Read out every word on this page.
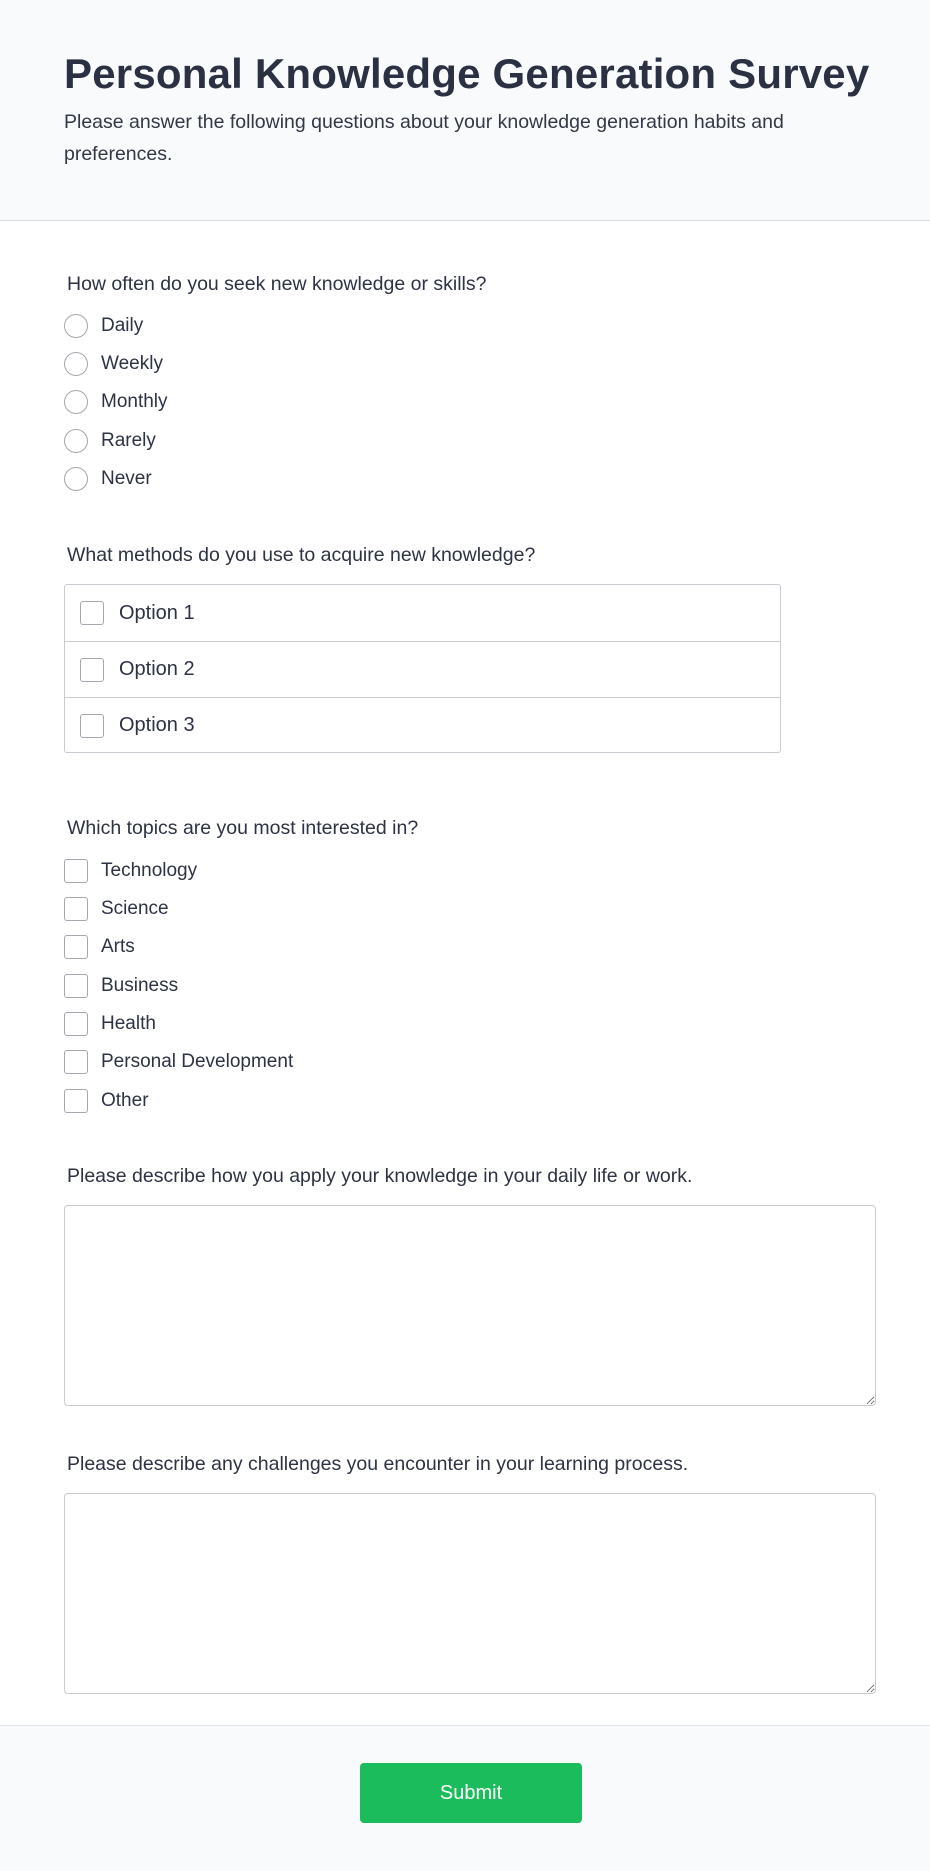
Personal Knowledge Generation Survey

Please answer the following questions about your knowledge generation habits and preferences.

How often do you seek new knowledge or skills?
Daily
Weekly
Monthly
Rarely
Never
What methods do you use to acquire new knowledge?
Option 1
Option 2
Option 3
Which topics are you most interested in?
Technology
Science
Arts
Business
Health
Personal Development
Other
Please describe how you apply your knowledge in your daily life or work.
Please describe any challenges you encounter in your learning process.
Submit
